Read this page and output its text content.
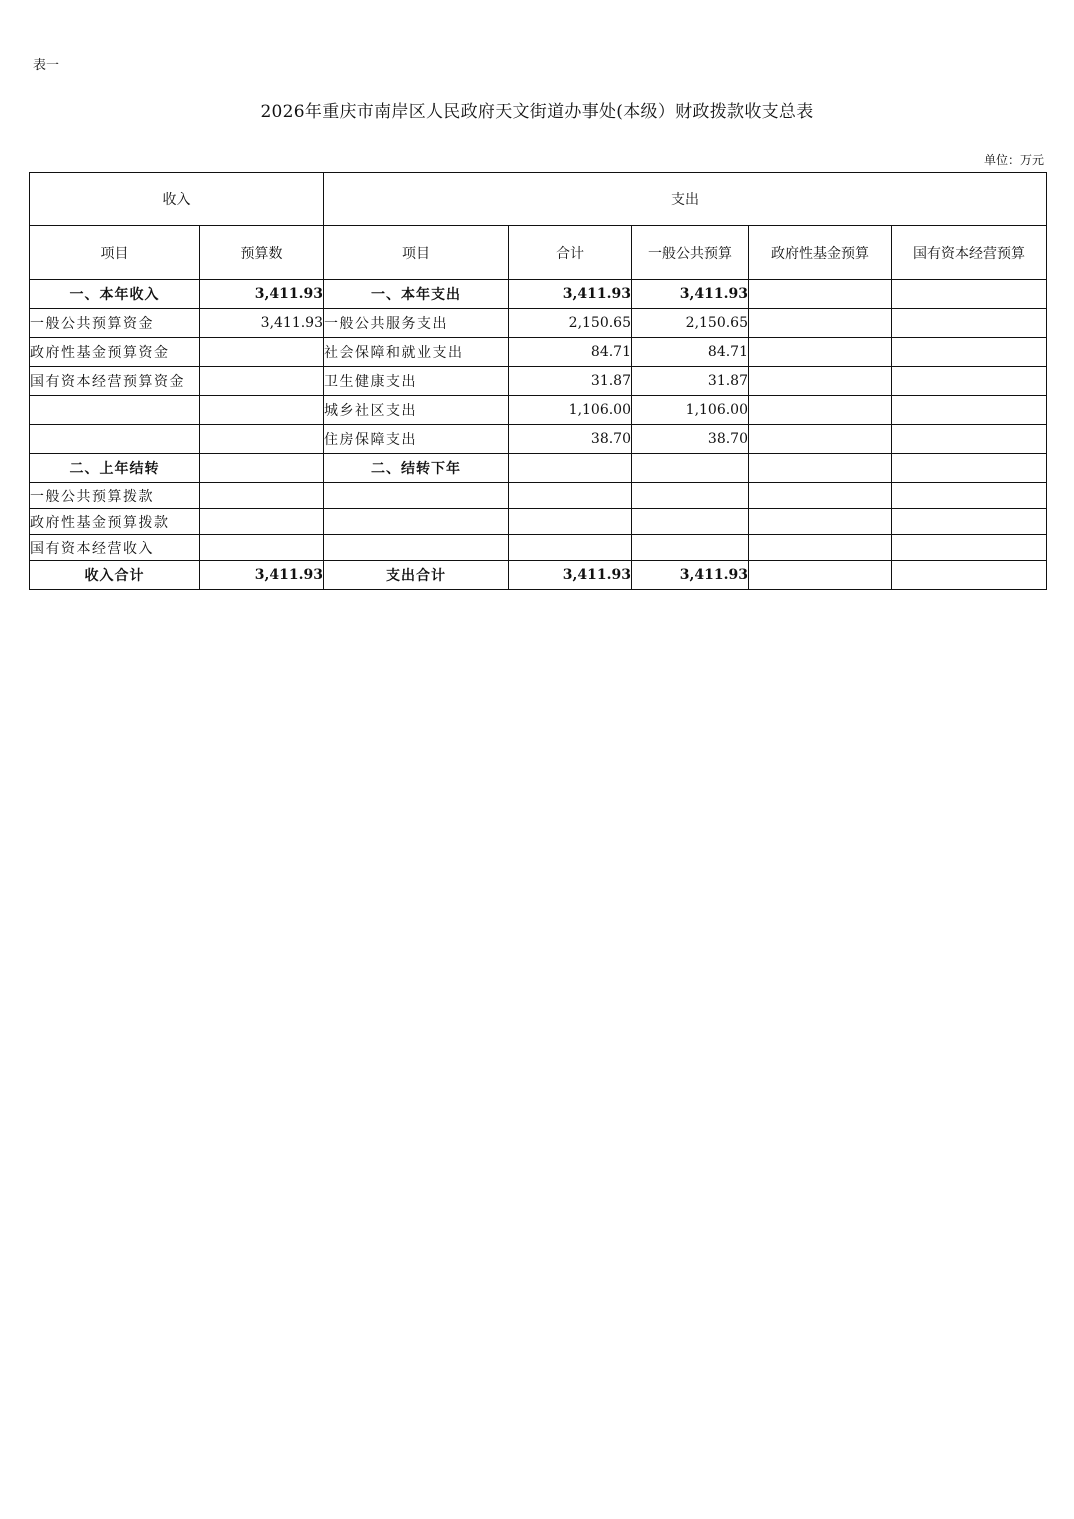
表一
2026年重庆市南岸区人民政府天文街道办事处(本级）财政拨款收支总表
单位：万元
收入		支出				
项目	预算数	项目	合计	一般公共预算	政府性基金预算	国有资本经营预算
一、本年收入	3,411.93	一、本年支出	3,411.93	3,411.93		
一般公共预算资金	3,411.93	一般公共服务支出	2,150.65	2,150.65		
政府性基金预算资金		社会保障和就业支出	84.71	84.71		
国有资本经营预算资金		卫生健康支出	31.87	31.87		
		城乡社区支出	1,106.00	1,106.00		
		住房保障支出	38.70	38.70		
二、上年结转		二、结转下年				
一般公共预算拨款						
政府性基金预算拨款						
国有资本经营收入						
收入合计	3,411.93	支出合计	3,411.93	3,411.93		
